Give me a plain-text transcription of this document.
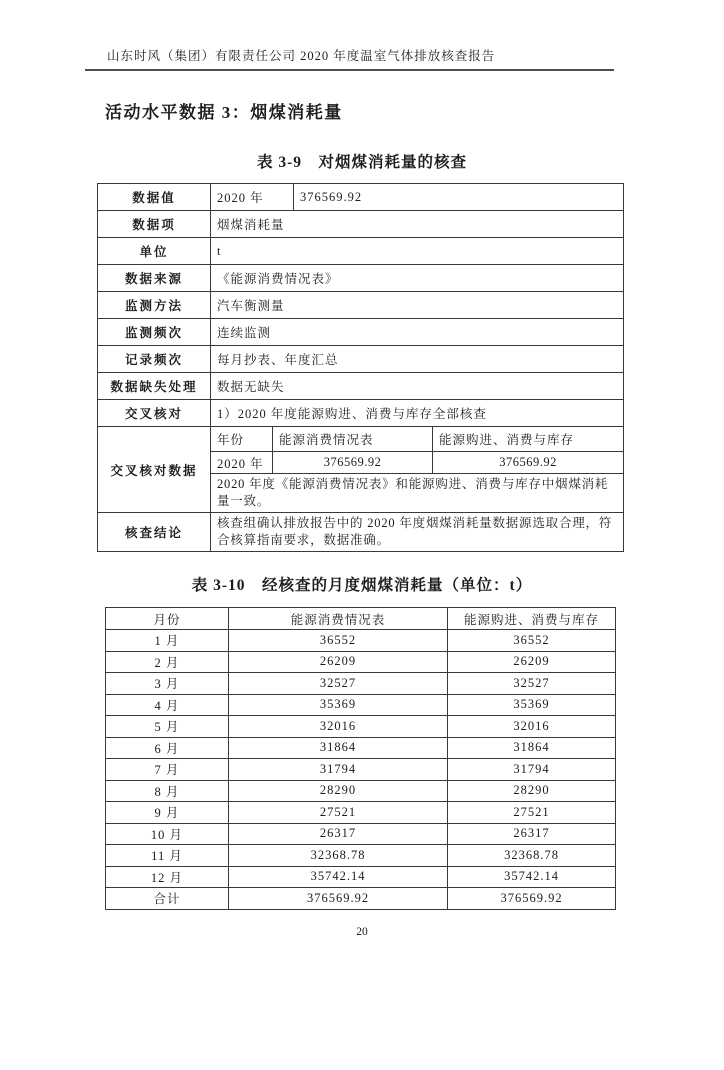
山东时风（集团）有限责任公司 2020 年度温室气体排放核查报告
活动水平数据 3：烟煤消耗量

表 3-9　对烟煤消耗量的核查

数据值	2020 年		376569.92	
数据项	烟煤消耗量			
单位	t			
数据来源	《能源消费情况表》			
监测方法	汽车衡测量			
监测频次	连续监测			
记录频次	每月抄表、年度汇总			
数据缺失处理	数据无缺失			
交叉核对	1）2020 年度能源购进、消费与库存全部核查			
交叉核对数据	年份	能源消费情况表		能源购进、消费与库存
	2020 年	376569.92		376569.92
	2020 年度《能源消费情况表》和能源购进、消费与库存中烟煤消耗量一致。			
核查结论	核查组确认排放报告中的 2020 年度烟煤消耗量数据源选取合理，符合核算指南要求，数据准确。			

表 3-10　经核查的月度烟煤消耗量（单位：t）

月份	能源消费情况表	能源购进、消费与库存
1 月	36552	36552
2 月	26209	26209
3 月	32527	32527
4 月	35369	35369
5 月	32016	32016
6 月	31864	31864
7 月	31794	31794
8 月	28290	28290
9 月	27521	27521
10 月	26317	26317
11 月	32368.78	32368.78
12 月	35742.14	35742.14
合计	376569.92	376569.92
20
